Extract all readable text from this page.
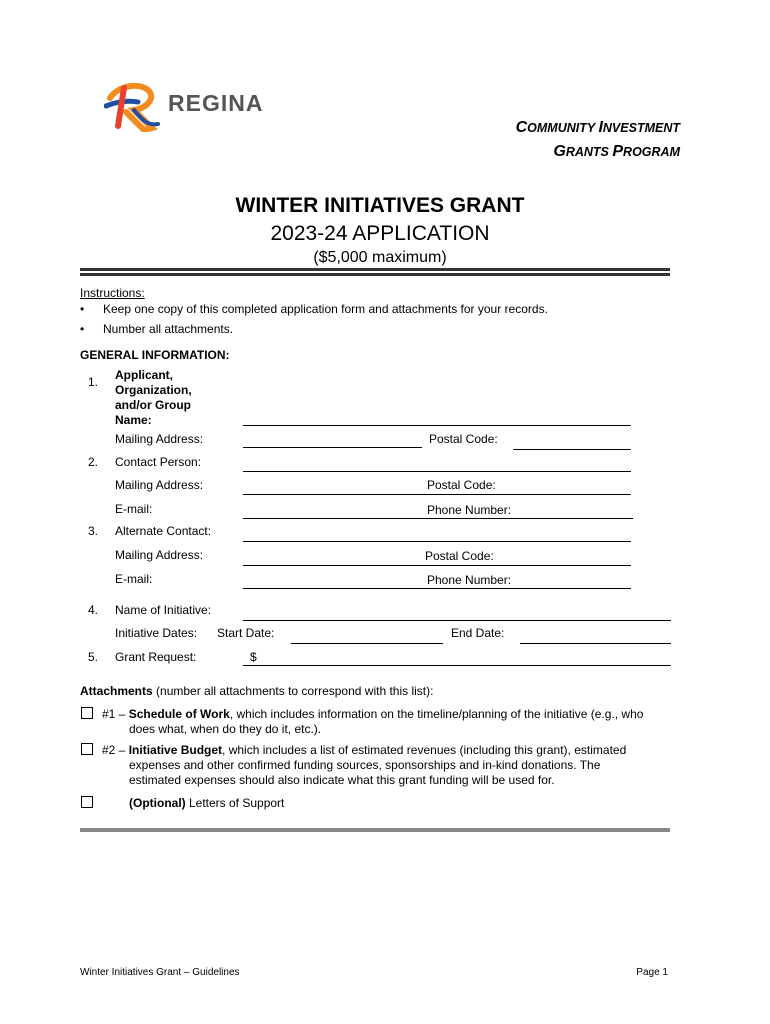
REGINA
COMMUNITY INVESTMENT
GRANTS PROGRAM
WINTER INITIATIVES GRANT
2023-24 APPLICATION
($5,000 maximum)
Instructions:
• Keep one copy of this completed application form and attachments for your records.
• Number all attachments.
GENERAL INFORMATION:
1. Applicant,
Organization,
and/or Group
Name:
Mailing Address:	Postal Code:
2. Contact Person:
Mailing Address:	Postal Code:
E-mail:	Phone Number:
3. Alternate Contact:
Mailing Address:	Postal Code:
E-mail:	Phone Number:
4. Name of Initiative:
Initiative Dates: Start Date:	End Date:
5. Grant Request:	$
Attachments (number all attachments to correspond with this list):
#1 – Schedule of Work, which includes information on the timeline/planning of the initiative (e.g., who
does what, when do they do it, etc.).
#2 – Initiative Budget, which includes a list of estimated revenues (including this grant), estimated
expenses and other confirmed funding sources, sponsorships and in-kind donations. The
estimated expenses should also indicate what this grant funding will be used for.
(Optional) Letters of Support
Winter Initiatives Grant – Guidelines	Page 1
